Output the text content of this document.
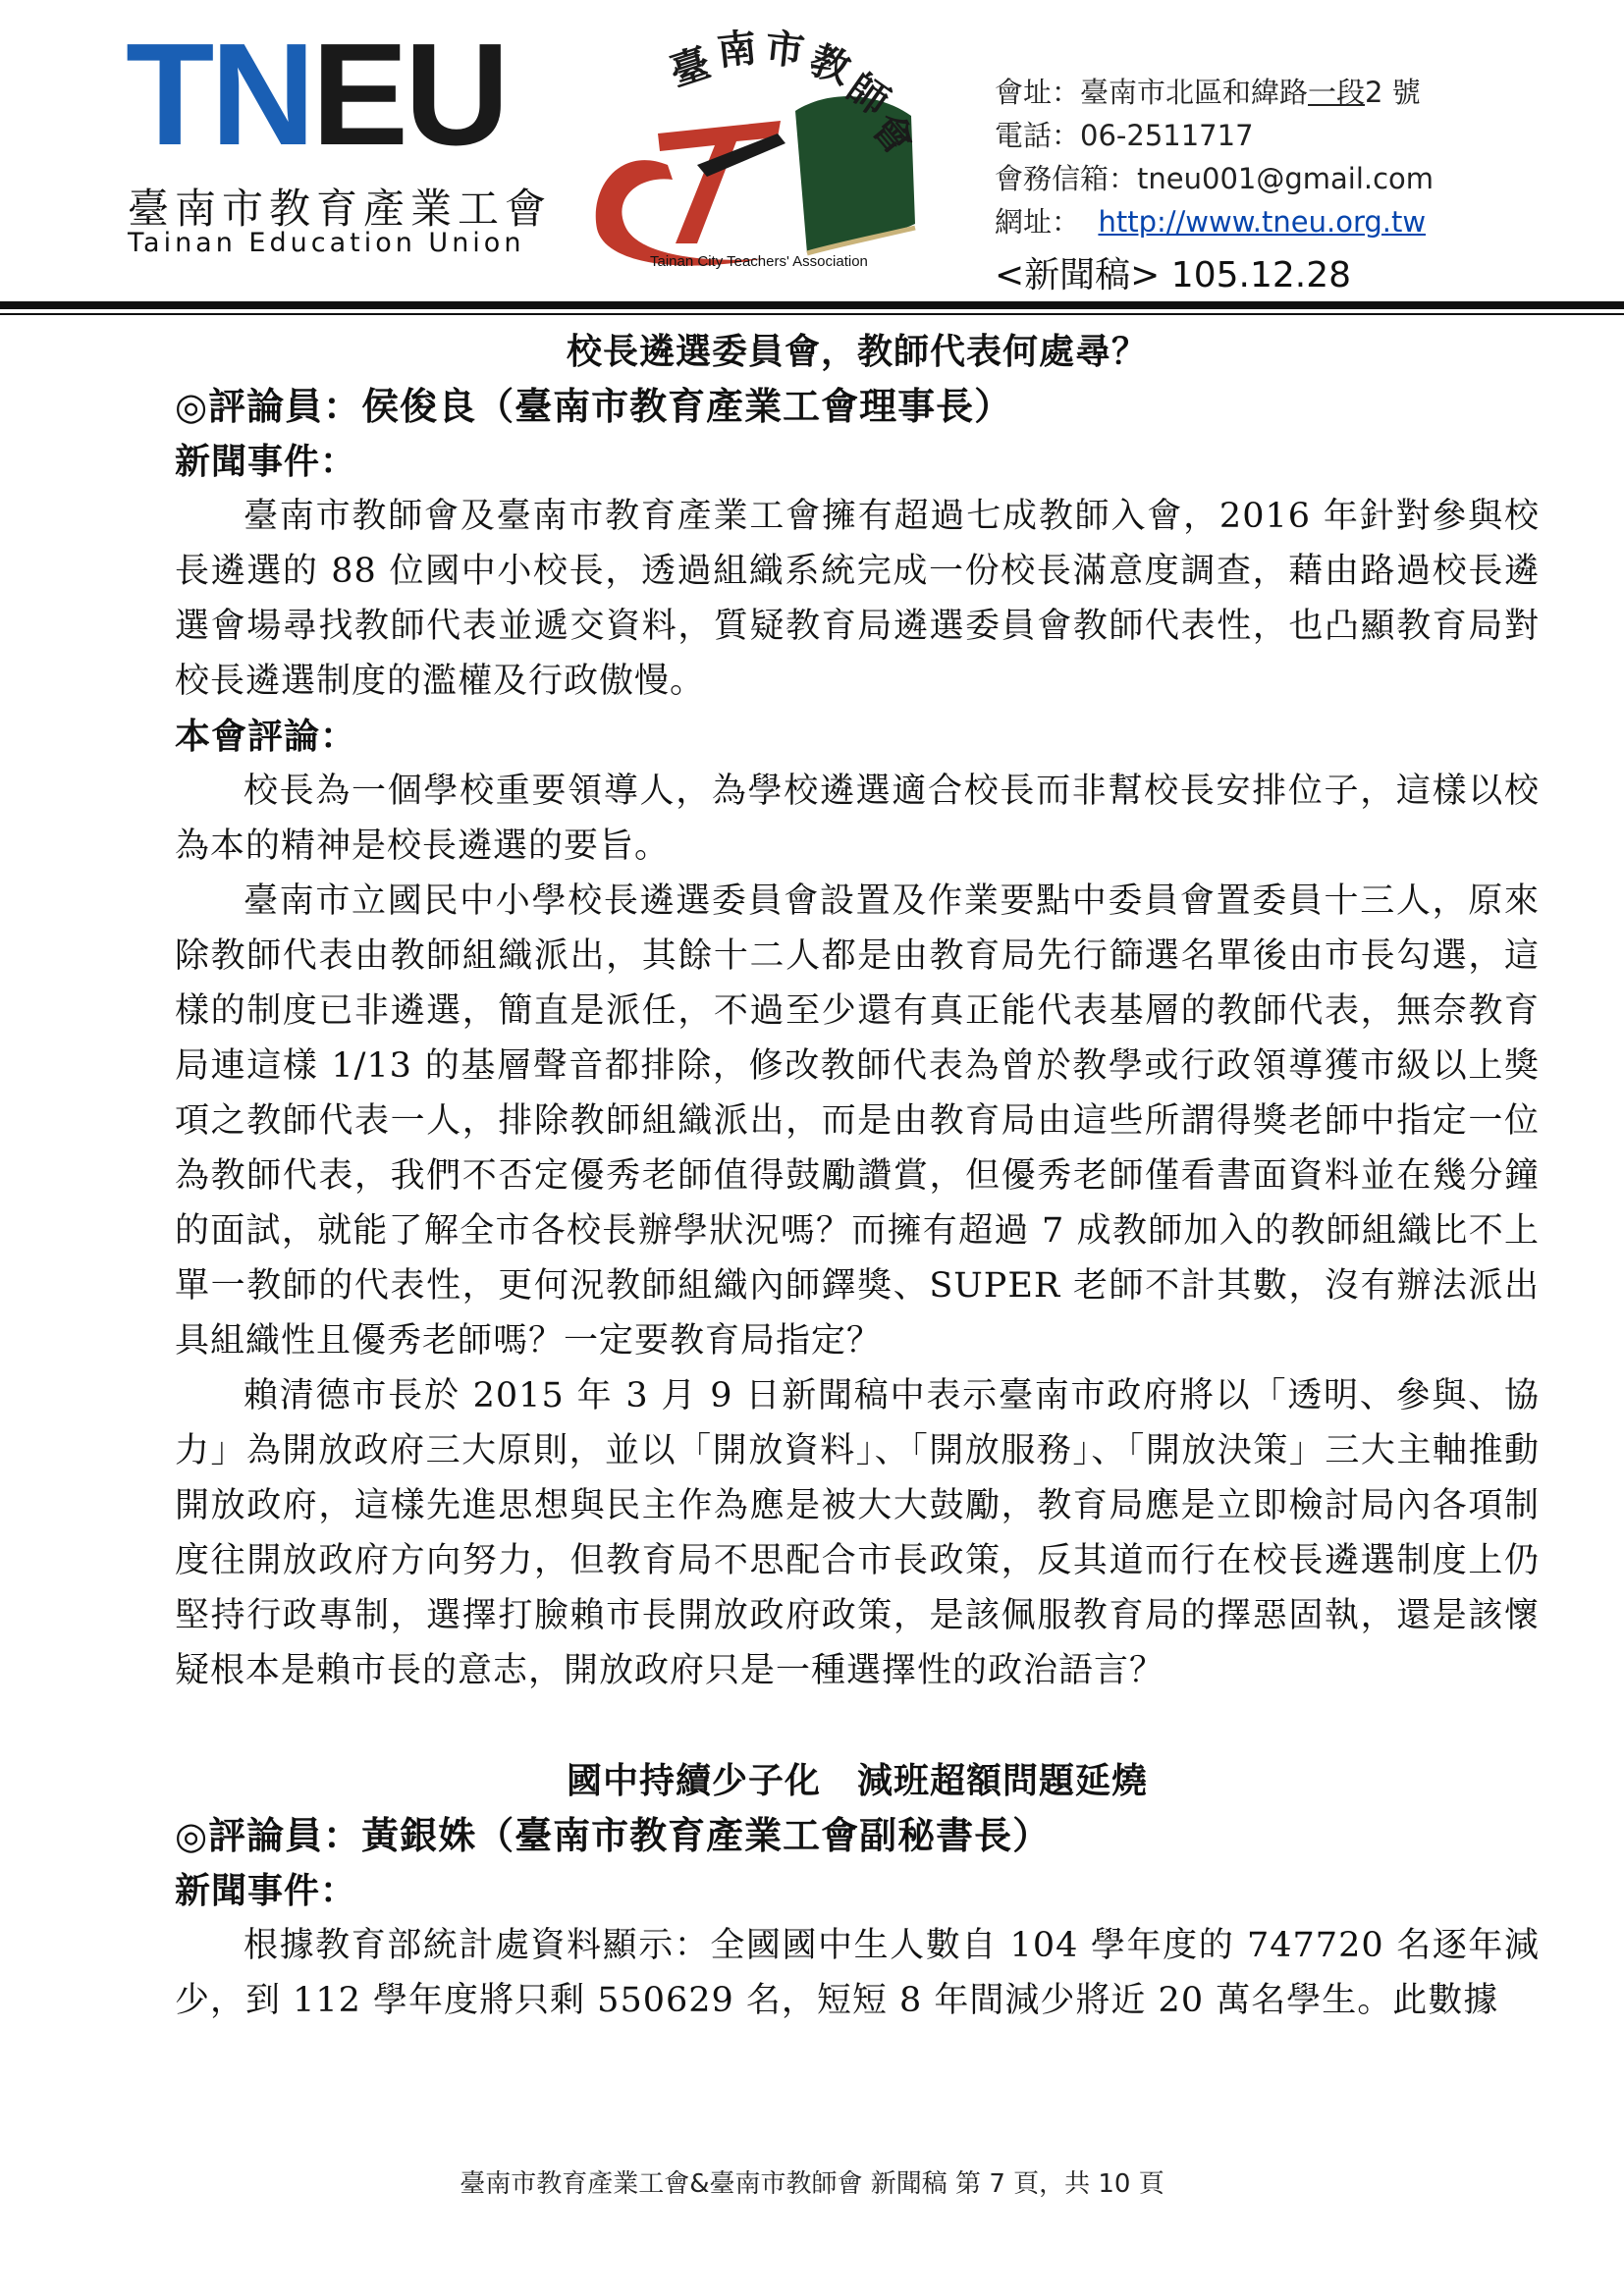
TNEU
臺南市教育產業工會
Tainan Education Union
臺 南 市
教
師
會
Tainan City Teachers' Association
會址：臺南市北區和緯路一段2 號
電話：06-2511717
會務信箱：tneu001@gmail.com
網址： http://www.tneu.org.tw
<新聞稿> 105.12.28
校長遴選委員會，教師代表何處尋？
◎評論員：侯俊良（臺南市教育產業工會理事長）
新聞事件：

臺南市教師會及臺南市教育產業工會擁有超過七成教師入會，2016 年針對參與校長遴選的 88 位國中小校長，透過組織系統完成一份校長滿意度調查，藉由路過校長遴選會場尋找教師代表並遞交資料，質疑教育局遴選委員會教師代表性，也凸顯教育局對校長遴選制度的濫權及行政傲慢。

本會評論：

校長為一個學校重要領導人，為學校遴選適合校長而非幫校長安排位子，這樣以校為本的精神是校長遴選的要旨。

臺南市立國民中小學校長遴選委員會設置及作業要點中委員會置委員十三人，原來除教師代表由教師組織派出，其餘十二人都是由教育局先行篩選名單後由市長勾選，這樣的制度已非遴選，簡直是派任，不過至少還有真正能代表基層的教師代表，無奈教育局連這樣 1/13 的基層聲音都排除，修改教師代表為曾於教學或行政領導獲市級以上獎項之教師代表一人，排除教師組織派出，而是由教育局由這些所謂得獎老師中指定一位為教師代表，我們不否定優秀老師值得鼓勵讚賞，但優秀老師僅看書面資料並在幾分鐘的面試，就能了解全市各校長辦學狀況嗎？而擁有超過 7 成教師加入的教師組織比不上單一教師的代表性，更何況教師組織內師鐸獎、SUPER 老師不計其數，沒有辦法派出具組織性且優秀老師嗎？一定要教育局指定？

賴清德市長於 2015 年 3 月 9 日新聞稿中表示臺南市政府將以「透明、參與、協力」為開放政府三大原則，並以「開放資料」、「開放服務」、「開放決策」三大主軸推動開放政府，這樣先進思想與民主作為應是被大大鼓勵，教育局應是立即檢討局內各項制度往開放政府方向努力，但教育局不思配合市長政策，反其道而行在校長遴選制度上仍堅持行政專制，選擇打臉賴市長開放政府政策，是該佩服教育局的擇惡固執，還是該懷疑根本是賴市長的意志，開放政府只是一種選擇性的政治語言？

國中持續少子化　減班超額問題延燒
◎評論員：黃銀姝（臺南市教育產業工會副秘書長）
新聞事件：

根據教育部統計處資料顯示：全國國中生人數自 104 學年度的 747720 名逐年減少，到 112 學年度將只剩 550629 名，短短 8 年間減少將近 20 萬名學生。此數據

臺南市教育產業工會&臺南市教師會 新聞稿 第 7 頁，共 10 頁
